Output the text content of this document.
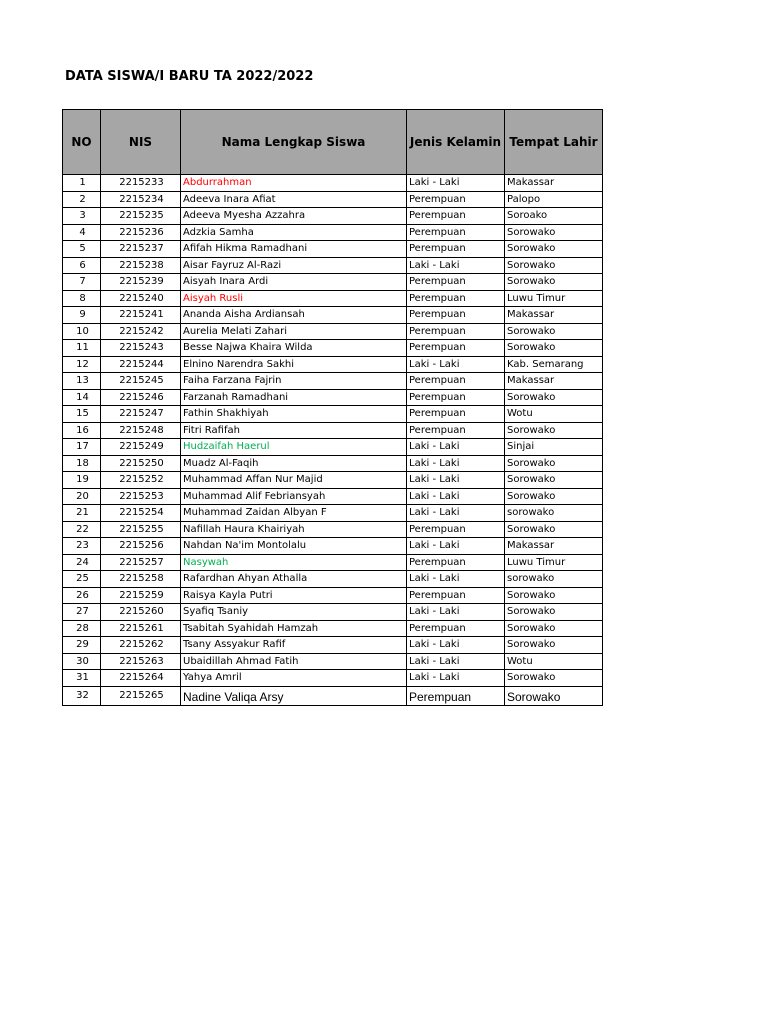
DATA SISWA/I BARU TA 2022/2022
NO	NIS	Nama Lengkap Siswa	Jenis Kelamin	Tempat Lahir
1	2215233	Abdurrahman	Laki - Laki	Makassar
2	2215234	Adeeva Inara Afiat	Perempuan	Palopo
3	2215235	Adeeva Myesha Azzahra	Perempuan	Soroako
4	2215236	Adzkia Samha	Perempuan	Sorowako
5	2215237	Afifah Hikma Ramadhani	Perempuan	Sorowako
6	2215238	Aisar Fayruz Al-Razi	Laki - Laki	Sorowako
7	2215239	Aisyah Inara Ardi	Perempuan	Sorowako
8	2215240	Aisyah Rusli	Perempuan	Luwu Timur
9	2215241	Ananda Aisha Ardiansah	Perempuan	Makassar
10	2215242	Aurelia Melati Zahari	Perempuan	Sorowako
11	2215243	Besse Najwa Khaira Wilda	Perempuan	Sorowako
12	2215244	Elnino Narendra Sakhi	Laki - Laki	Kab. Semarang
13	2215245	Faiha Farzana Fajrin	Perempuan	Makassar
14	2215246	Farzanah Ramadhani	Perempuan	Sorowako
15	2215247	Fathin Shakhiyah	Perempuan	Wotu
16	2215248	Fitri Rafifah	Perempuan	Sorowako
17	2215249	Hudzaifah Haerul	Laki - Laki	Sinjai
18	2215250	Muadz Al-Faqih	Laki - Laki	Sorowako
19	2215252	Muhammad Affan Nur Majid	Laki - Laki	Sorowako
20	2215253	Muhammad Alif Febriansyah	Laki - Laki	Sorowako
21	2215254	Muhammad Zaidan Albyan F	Laki - Laki	sorowako
22	2215255	Nafillah Haura Khairiyah	Perempuan	Sorowako
23	2215256	Nahdan Na'im Montolalu	Laki - Laki	Makassar
24	2215257	Nasywah	Perempuan	Luwu Timur
25	2215258	Rafardhan Ahyan Athalla	Laki - Laki	sorowako
26	2215259	Raisya Kayla Putri	Perempuan	Sorowako
27	2215260	Syafiq Tsaniy	Laki - Laki	Sorowako
28	2215261	Tsabitah Syahidah Hamzah	Perempuan	Sorowako
29	2215262	Tsany Assyakur Rafif	Laki - Laki	Sorowako
30	2215263	Ubaidillah Ahmad Fatih	Laki - Laki	Wotu
31	2215264	Yahya Amril	Laki - Laki	Sorowako
32	2215265	Nadine Valiqa Arsy	Perempuan	Sorowako
